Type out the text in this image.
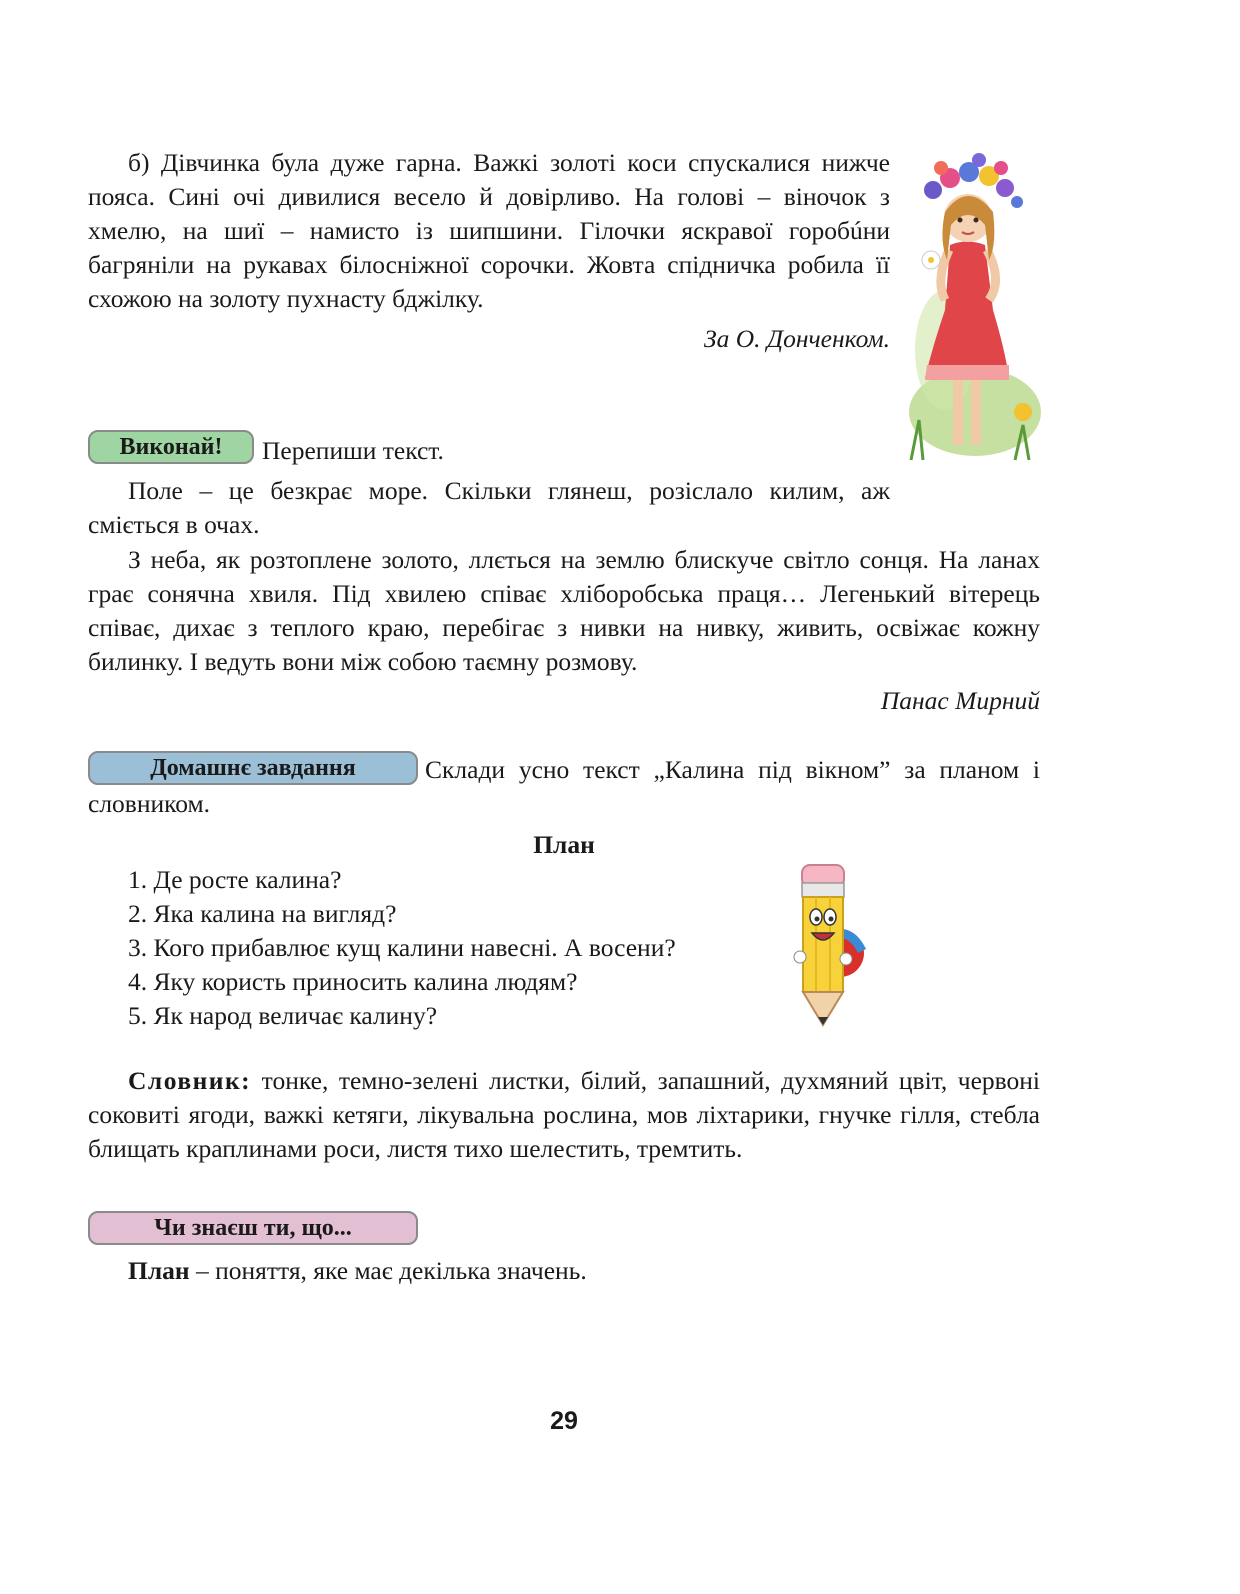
б) Дівчинка була дуже гарна. Важкі золоті коси спускалися нижче пояса. Сині очі дивилися весело й довірливо. На голові – віночок з хмелю, на шиї – намисто із шипшини. Гілочки яскравої горобúни багряніли на рукавах білосніжної сорочки. Жовта спідничка робила її схожою на золоту пухнасту бджілку.

За О. Донченком.

Виконай!	Перепиши текст.

Поле – це безкрає море. Скільки глянеш, розіслало килим, аж сміється в очах.

З неба, як розтоплене золото, ллється на землю блискуче світло сонця. На ланах грає сонячна хвиля. Під хвилею співає хліборобська праця… Легенький вітерець співає, дихає з теплого краю, перебігає з нивки на нивку, живить, освіжає кожну билинку. І ведуть вони між собою таємну розмову.

Панас Мирний

Домашнє завдання	Склади усно текст „Калина під вікном” за планом і словником.

План

1. Де росте калина?
2. Яка калина на вигляд?
3. Кого прибавлює кущ калини навесні. А восени?
4. Яку користь приносить калина людям?
5. Як народ величає калину?

Словник: тонке, темно-зелені листки, білий, запашний, духмяний цвіт, червоні соковиті ягоди, важкі кетяги, лікувальна рослина, мов ліхтарики, гнучке гілля, стебла блищать краплинами роси, листя тихо шелестить, тремтить.

Чи знаєш ти, що...

План – поняття, яке має декілька значень.

29
